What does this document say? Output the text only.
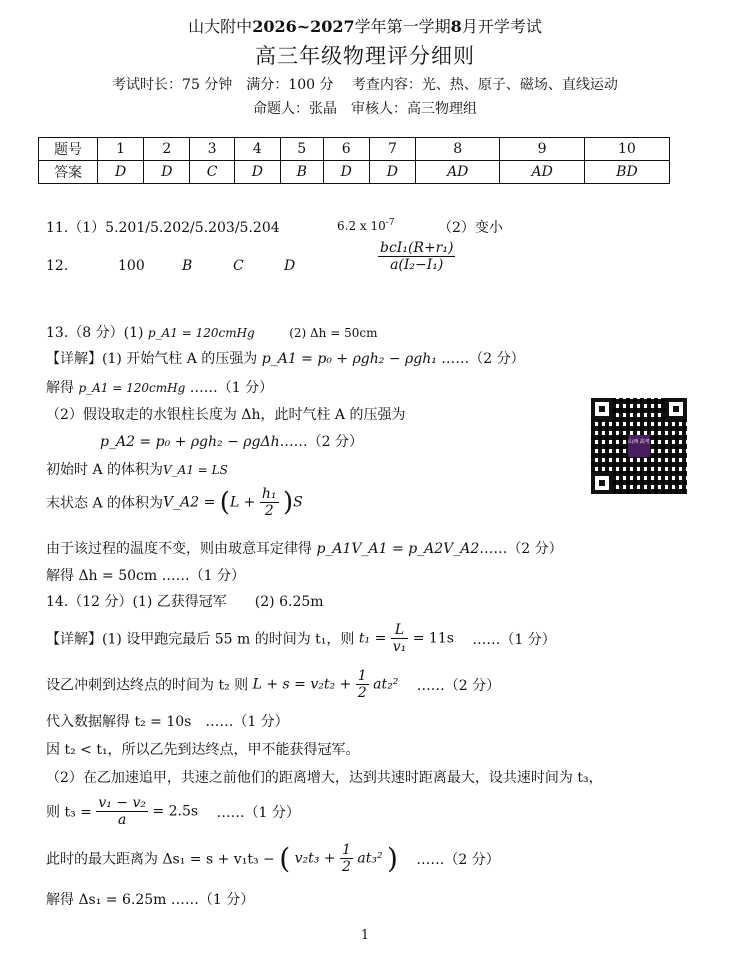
山大附中2026~2027学年第一学期8月开学考试
高三年级物理评分细则
考试时长：75 分钟　满分：100 分　 考查内容：光、热、原子、磁场、直线运动
命题人：张晶　审核人：高三物理组
题号	1	2	3	4	5	6	7	8	9	10
答案	D	D	C	D	B	D	D	AD	AD	BD
11.（1）5.201/5.202/5.203/5.204	6.2 x $10^{-7}$	（2）变小
12.	100	B	C	D	$\frac{\text{bcI₁(R+r₁)}}{\text{a(I₂−I₁)}}$
13.（8 分）(1) p_A1 = 120cmHg	(2) Δh = 50cm
【详解】(1) 开始气柱 A 的压强为 p_A1 = p₀ + ρgh₂ − ρgh₁ ……（2 分）
解得 p_A1 = 120cmHg ……（1 分）
（2）假设取走的水银柱长度为 Δh，此时气柱 A 的压强为
p_A2 = p₀ + ρgh₂ − ρgΔh……（2 分）
初始时 A 的体积为V_A1 = LS
末状态 A 的体积为V_A2 = $(L + \frac{\text{h₁}}{2} )S$
由于该过程的温度不变，则由玻意耳定律得 p_A1V_A1 = p_A2V_A2……（2 分）
解得 Δh = 50cm ……（1 分）
山西 高考
14.（12 分）(1) 乙获得冠军　　(2) 6.25m
【详解】(1) 设甲跑完最后 55 m 的时间为 t₁，则 $t_1 = \frac{L}{\text{v₁}} = 11s$ ……（1 分）
设乙冲刺到达终点的时间为 t₂ 则 $L + s = v_2t_2 + \frac{1}{2} at_2^2$ ……（2 分）
代入数据解得 t₂ = 10s　……（1 分）
因 t₂ < t₁，所以乙先到达终点，甲不能获得冠军。
（2）在乙加速追甲，共速之前他们的距离增大，达到共速时距离最大，设共速时间为 t₃，
则 $t_3 = \frac{\text{v₁ − v₂}}{a} = 2.5s$ ……（1 分）
此时的最大距离为 Δs₁ = s + v₁t₃ − ( $v_2t_3 + \frac{1}{2} at_3^2$ ) ……（2 分）
解得 Δs₁ = 6.25m ……（1 分）
1
